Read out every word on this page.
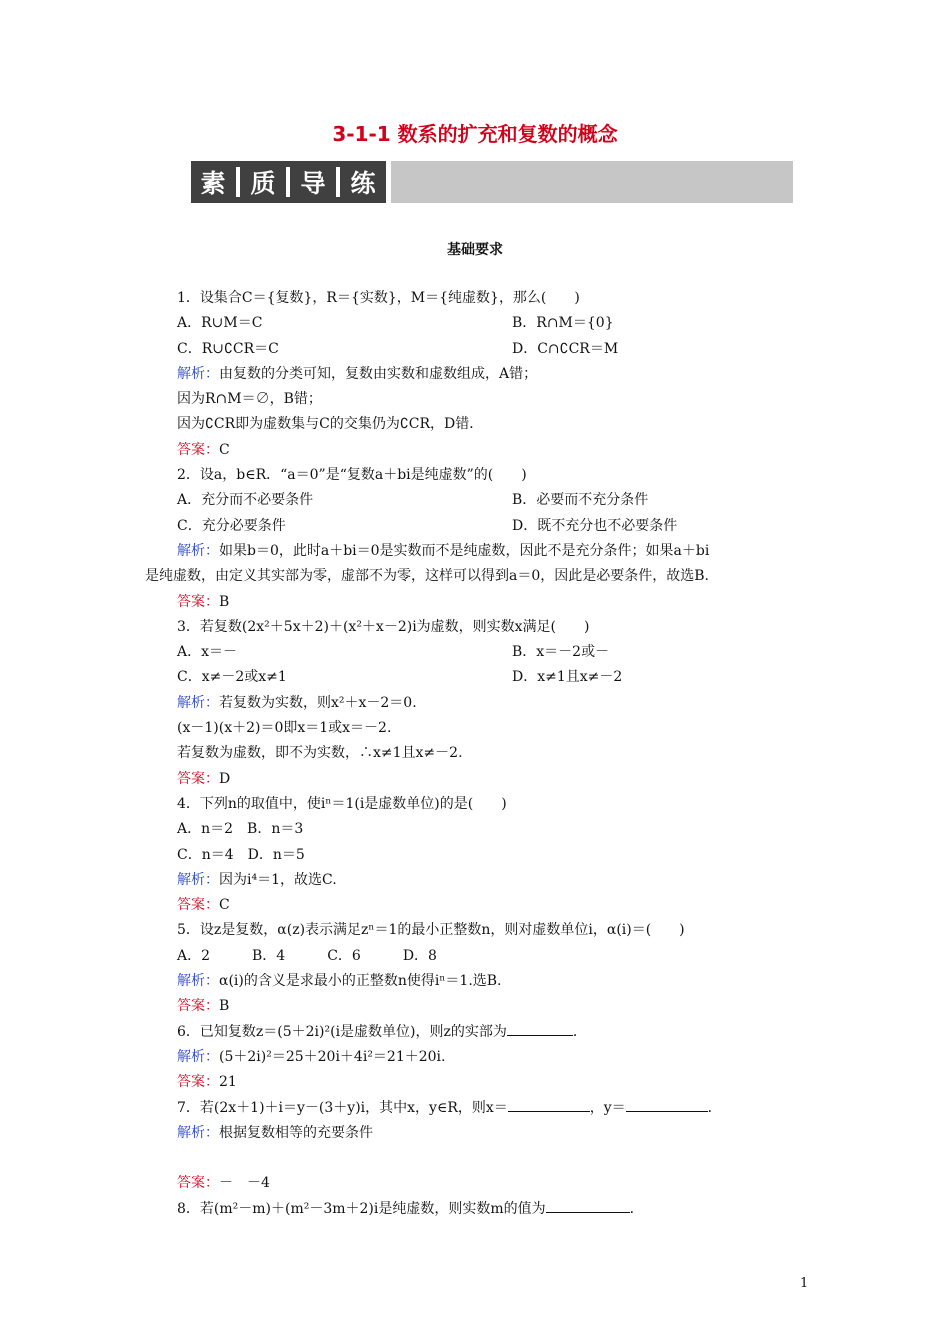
3-1-1 数系的扩充和复数的概念
素 质 导 练
基础要求
1．设集合C＝{复数}，R＝{实数}，M＝{纯虚数}，那么(　　)
A．R∪M＝C	B．R∩M＝{0}
C．R∪∁CR＝C	D．C∩∁CR＝M
解析：由复数的分类可知，复数由实数和虚数组成，A错；
因为R∩M＝∅，B错；
因为∁CR即为虚数集与C的交集仍为∁CR，D错．
答案：C
2．设a，b∈R．“a＝0”是“复数a＋bi是纯虚数”的(　　)
A．充分而不必要条件	B．必要而不充分条件
C．充分必要条件	D．既不充分也不必要条件
解析：如果b＝0，此时a＋bi＝0是实数而不是纯虚数，因此不是充分条件；如果a＋bi
是纯虚数，由定义其实部为零，虚部不为零，这样可以得到a＝0，因此是必要条件，故选B.
答案：B
3．若复数(2x²＋5x＋2)＋(x²＋x－2)i为虚数，则实数x满足(　　)
A．x＝－	B．x＝－2或－
C．x≠－2或x≠1	D．x≠1且x≠－2
解析：若复数为实数，则x²＋x－2＝0.
(x－1)(x＋2)＝0即x＝1或x＝－2.
若复数为虚数，即不为实数，∴x≠1且x≠－2.
答案：D
4．下列n的取值中，使iⁿ＝1(i是虚数单位)的是(　　)
A．n＝2　B．n＝3
C．n＝4　D．n＝5
解析：因为i⁴＝1，故选C.
答案：C
5．设z是复数，α(z)表示满足zⁿ＝1的最小正整数n，则对虚数单位i，α(i)＝(　　)
A．2　　　B．4　　　C．6　　　D．8
解析：α(i)的含义是求最小的正整数n使得iⁿ＝1.选B.
答案：B
6．已知复数z＝(5＋2i)²(i是虚数单位)，则z的实部为	．
解析：(5＋2i)²＝25＋20i＋4i²＝21＋20i.
答案：21
7．若(2x＋1)＋i＝y－(3＋y)i，其中x，y∈R，则x＝	，y＝	．
解析：根据复数相等的充要条件
答案：－　－4
8．若(m²－m)＋(m²－3m＋2)i是纯虚数，则实数m的值为	．
1
